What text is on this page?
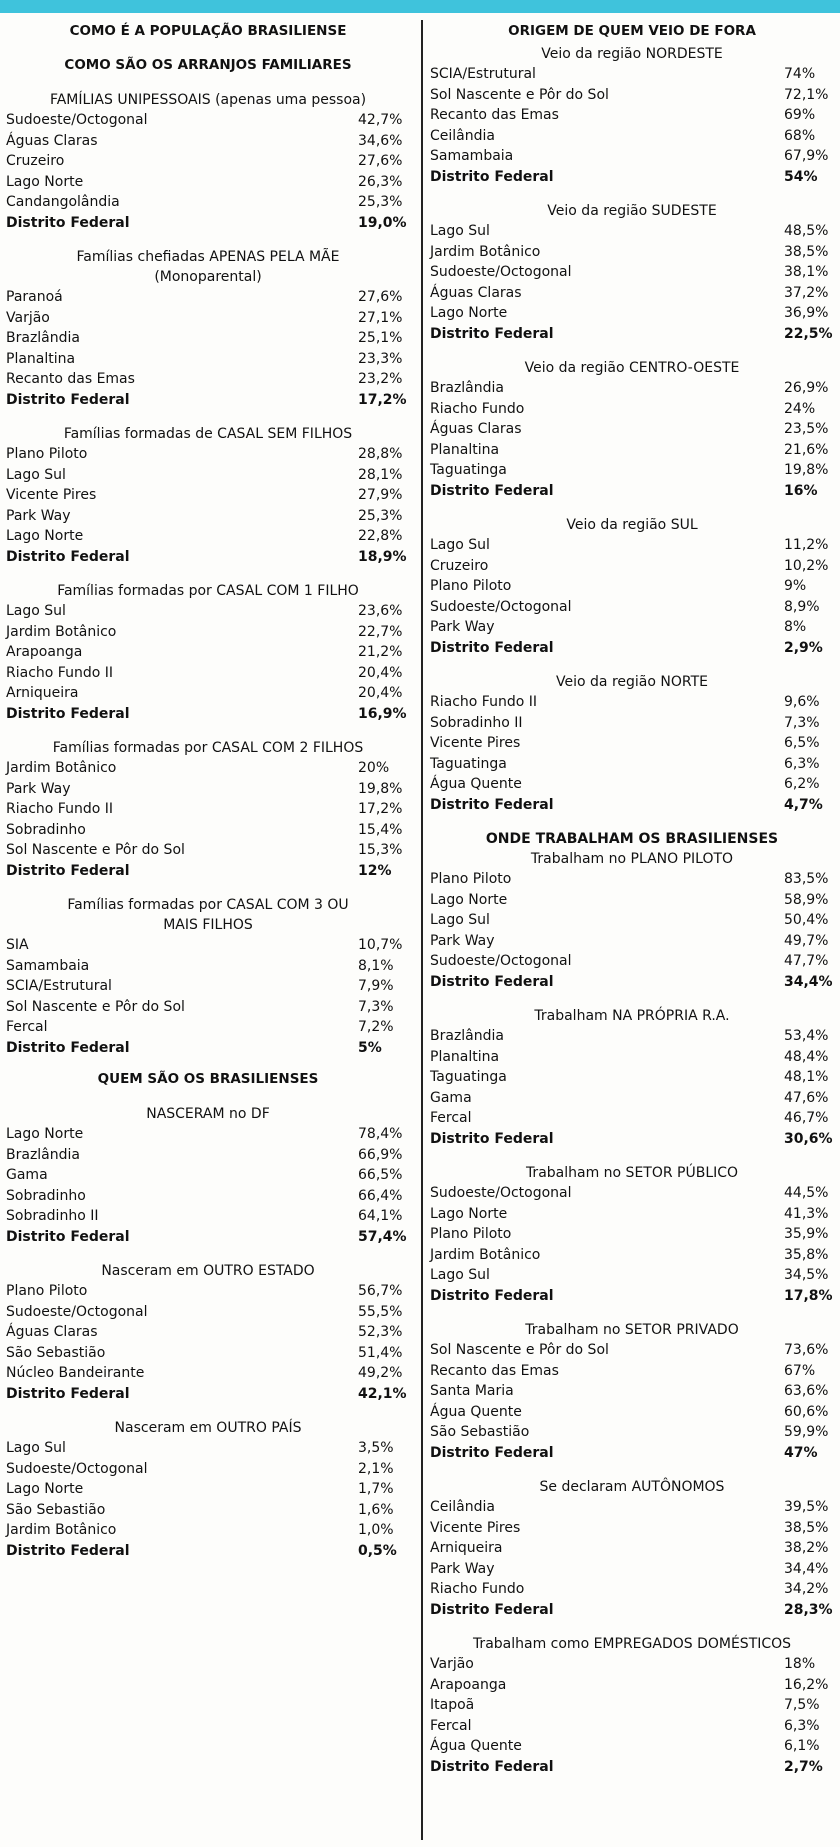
COMO É A POPULAÇÃO BRASILIENSE
COMO SÃO OS ARRANJOS FAMILIARES
FAMÍLIAS UNIPESSOAIS (apenas uma pessoa)
Sudoeste/Octogonal	42,7%
Águas Claras	34,6%
Cruzeiro	27,6%
Lago Norte	26,3%
Candangolândia	25,3%
Distrito Federal	19,0%
Famílias chefiadas APENAS PELA MÃE
(Monoparental)
Paranoá	27,6%
Varjão	27,1%
Brazlândia	25,1%
Planaltina	23,3%
Recanto das Emas	23,2%
Distrito Federal	17,2%
Famílias formadas de CASAL SEM FILHOS
Plano Piloto	28,8%
Lago Sul	28,1%
Vicente Pires	27,9%
Park Way	25,3%
Lago Norte	22,8%
Distrito Federal	18,9%
Famílias formadas por CASAL COM 1 FILHO
Lago Sul	23,6%
Jardim Botânico	22,7%
Arapoanga	21,2%
Riacho Fundo II	20,4%
Arniqueira	20,4%
Distrito Federal	16,9%
Famílias formadas por CASAL COM 2 FILHOS
Jardim Botânico	20%
Park Way	19,8%
Riacho Fundo II	17,2%
Sobradinho	15,4%
Sol Nascente e Pôr do Sol	15,3%
Distrito Federal	12%
Famílias formadas por CASAL COM 3 OU
MAIS FILHOS
SIA	10,7%
Samambaia	8,1%
SCIA/Estrutural	7,9%
Sol Nascente e Pôr do Sol	7,3%
Fercal	7,2%
Distrito Federal	5%
QUEM SÃO OS BRASILIENSES
NASCERAM no DF
Lago Norte	78,4%
Brazlândia	66,9%
Gama	66,5%
Sobradinho	66,4%
Sobradinho II	64,1%
Distrito Federal	57,4%
Nasceram em OUTRO ESTADO
Plano Piloto	56,7%
Sudoeste/Octogonal	55,5%
Águas Claras	52,3%
São Sebastião	51,4%
Núcleo Bandeirante	49,2%
Distrito Federal	42,1%
Nasceram em OUTRO PAÍS
Lago Sul	3,5%
Sudoeste/Octogonal	2,1%
Lago Norte	1,7%
São Sebastião	1,6%
Jardim Botânico	1,0%
Distrito Federal	0,5%
ORIGEM DE QUEM VEIO DE FORA
Veio da região NORDESTE
SCIA/Estrutural	74%
Sol Nascente e Pôr do Sol	72,1%
Recanto das Emas	69%
Ceilândia	68%
Samambaia	67,9%
Distrito Federal	54%
Veio da região SUDESTE
Lago Sul	48,5%
Jardim Botânico	38,5%
Sudoeste/Octogonal	38,1%
Águas Claras	37,2%
Lago Norte	36,9%
Distrito Federal	22,5%
Veio da região CENTRO-OESTE
Brazlândia	26,9%
Riacho Fundo	24%
Águas Claras	23,5%
Planaltina	21,6%
Taguatinga	19,8%
Distrito Federal	16%
Veio da região SUL
Lago Sul	11,2%
Cruzeiro	10,2%
Plano Piloto	9%
Sudoeste/Octogonal	8,9%
Park Way	8%
Distrito Federal	2,9%
Veio da região NORTE
Riacho Fundo II	9,6%
Sobradinho II	7,3%
Vicente Pires	6,5%
Taguatinga	6,3%
Água Quente	6,2%
Distrito Federal	4,7%
ONDE TRABALHAM OS BRASILIENSES
Trabalham no PLANO PILOTO
Plano Piloto	83,5%
Lago Norte	58,9%
Lago Sul	50,4%
Park Way	49,7%
Sudoeste/Octogonal	47,7%
Distrito Federal	34,4%
Trabalham NA PRÓPRIA R.A.
Brazlândia	53,4%
Planaltina	48,4%
Taguatinga	48,1%
Gama	47,6%
Fercal	46,7%
Distrito Federal	30,6%
Trabalham no SETOR PÚBLICO
Sudoeste/Octogonal	44,5%
Lago Norte	41,3%
Plano Piloto	35,9%
Jardim Botânico	35,8%
Lago Sul	34,5%
Distrito Federal	17,8%
Trabalham no SETOR PRIVADO
Sol Nascente e Pôr do Sol	73,6%
Recanto das Emas	67%
Santa Maria	63,6%
Água Quente	60,6%
São Sebastião	59,9%
Distrito Federal	47%
Se declaram AUTÔNOMOS
Ceilândia	39,5%
Vicente Pires	38,5%
Arniqueira	38,2%
Park Way	34,4%
Riacho Fundo	34,2%
Distrito Federal	28,3%
Trabalham como EMPREGADOS DOMÉSTICOS
Varjão	18%
Arapoanga	16,2%
Itapoã	7,5%
Fercal	6,3%
Água Quente	6,1%
Distrito Federal	2,7%
